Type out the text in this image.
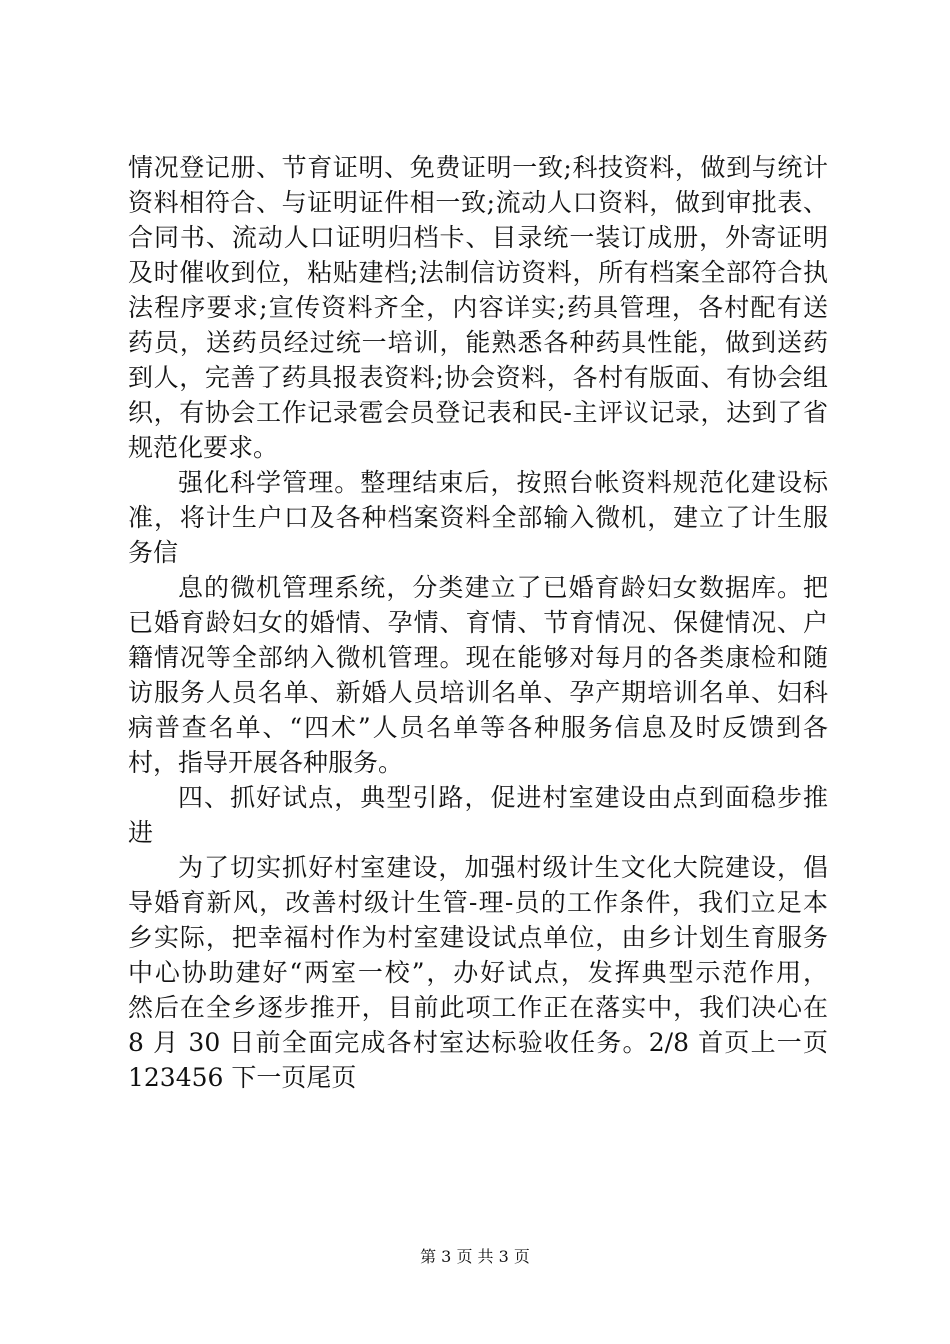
情况登记册、节育证明、免费证明一致;科技资料，做到与统计
资料相符合、与证明证件相一致;流动人口资料，做到审批表、
合同书、流动人口证明归档卡、目录统一装订成册，外寄证明
及时催收到位，粘贴建档;法制信访资料，所有档案全部符合执
法程序要求;宣传资料齐全，内容详实;药具管理，各村配有送
药员，送药员经过统一培训，能熟悉各种药具性能，做到送药
到人，完善了药具报表资料;协会资料，各村有版面、有协会组
织，有协会工作记录雹会员登记表和民-主评议记录，达到了省
规范化要求。
强化科学管理。整理结束后，按照台帐资料规范化建设标
准，将计生户口及各种档案资料全部输入微机，建立了计生服
务信
息的微机管理系统，分类建立了已婚育龄妇女数据库。把
已婚育龄妇女的婚情、孕情、育情、节育情况、保健情况、户
籍情况等全部纳入微机管理。现在能够对每月的各类康检和随
访服务人员名单、新婚人员培训名单、孕产期培训名单、妇科
病普查名单、“四术”人员名单等各种服务信息及时反馈到各
村，指导开展各种服务。
四、抓好试点，典型引路，促进村室建设由点到面稳步推
进
为了切实抓好村室建设，加强村级计生文化大院建设，倡
导婚育新风，改善村级计生管-理-员的工作条件，我们立足本
乡实际，把幸福村作为村室建设试点单位，由乡计划生育服务
中心协助建好“两室一校”，办好试点，发挥典型示范作用，
然后在全乡逐步推开，目前此项工作正在落实中，我们决心在
8 月 30 日前全面完成各村室达标验收任务。2/8 首页上一页
123456 下一页尾页
第 3 页 共 3 页
